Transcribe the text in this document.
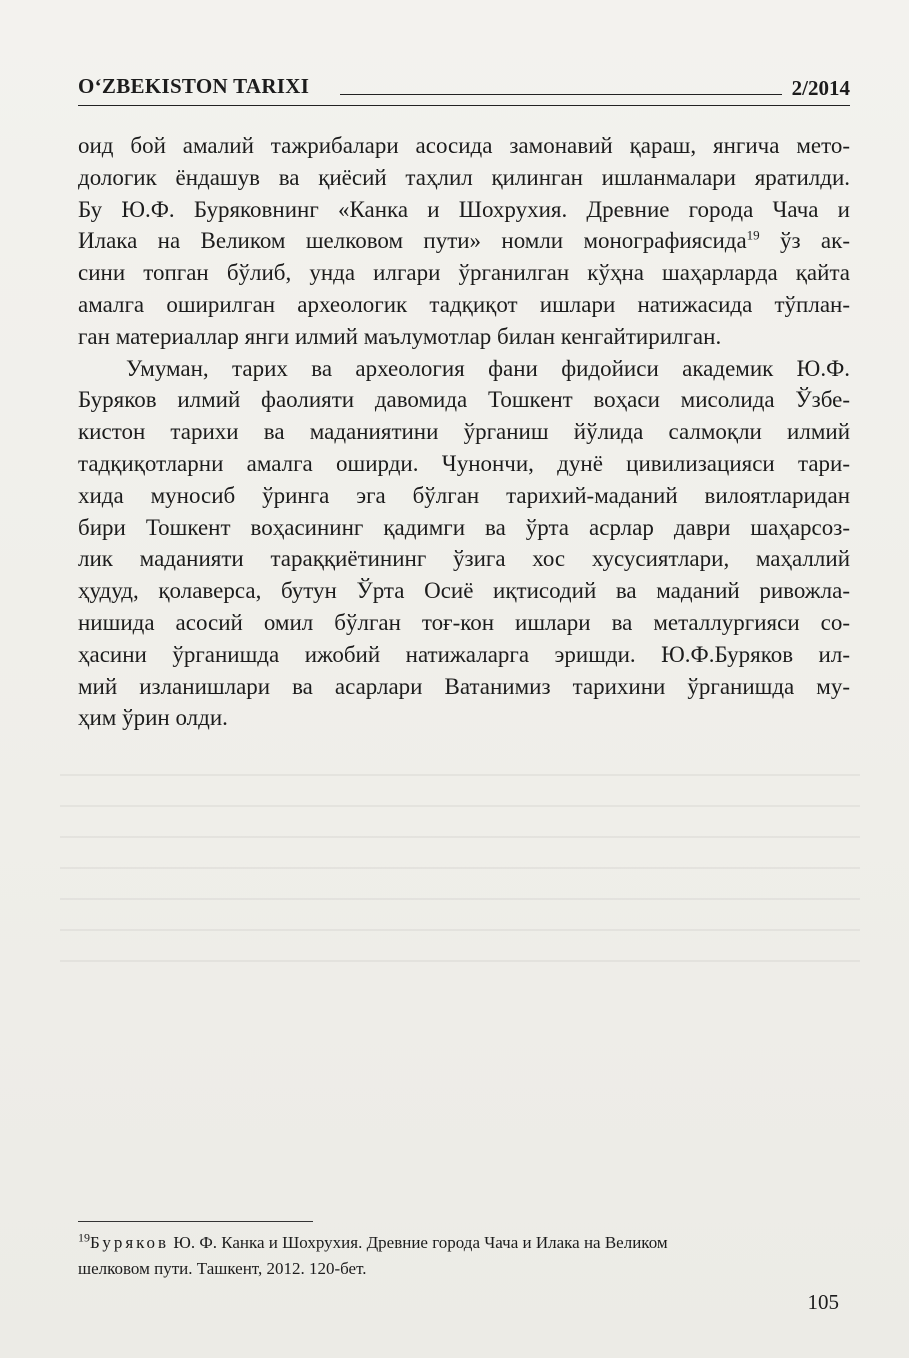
O‘ZBEKISTON TARIXI	2/2014
оид бой амалий тажрибалари асосида замонавий қараш, янгича мето-
дологик ёндашув ва қиёсий таҳлил қилинган ишланмалари яратилди.
Бу Ю.Ф. Буряковнинг «Канка и Шохрухия. Древние города Чача и
Илака на Великом шелковом пути» номли монографиясида$^{19}$ ўз ак-
сини топган бўлиб, унда илгари ўрганилган кўҳна шаҳарларда қайта
амалга оширилган археологик тадқиқот ишлари натижасида тўплан-
ган материаллар янги илмий маълумотлар билан кенгайтирилган.
Умуман, тарих ва археология фани фидойиси академик Ю.Ф.
Буряков илмий фаолияти давомида Тошкент воҳаси мисолида Ўзбе-
кистон тарихи ва маданиятини ўрганиш йўлида салмоқли илмий
тадқиқотларни амалга оширди. Чунончи, дунё цивилизацияси тари-
хида муносиб ўринга эга бўлган тарихий-маданий вилоятларидан
бири Тошкент воҳасининг қадимги ва ўрта асрлар даври шаҳарсоз-
лик маданияти тараққиётининг ўзига хос хусусиятлари, маҳаллий
ҳудуд, қолаверса, бутун Ўрта Осиё иқтисодий ва маданий ривожла-
нишида асосий омил бўлган тоғ-кон ишлари ва металлургияси со-
ҳасини ўрганишда ижобий натижаларга эришди. Ю.Ф.Буряков ил-
мий изланишлари ва асарлари Ватанимиз тарихини ўрганишда му-
ҳим ўрин олди.
$^{19}$Буряков Ю. Ф. Канка и Шохрухия. Древние города Чача и Илака на Великом
шелковом пути. Ташкент, 2012. 120-бет.
105
